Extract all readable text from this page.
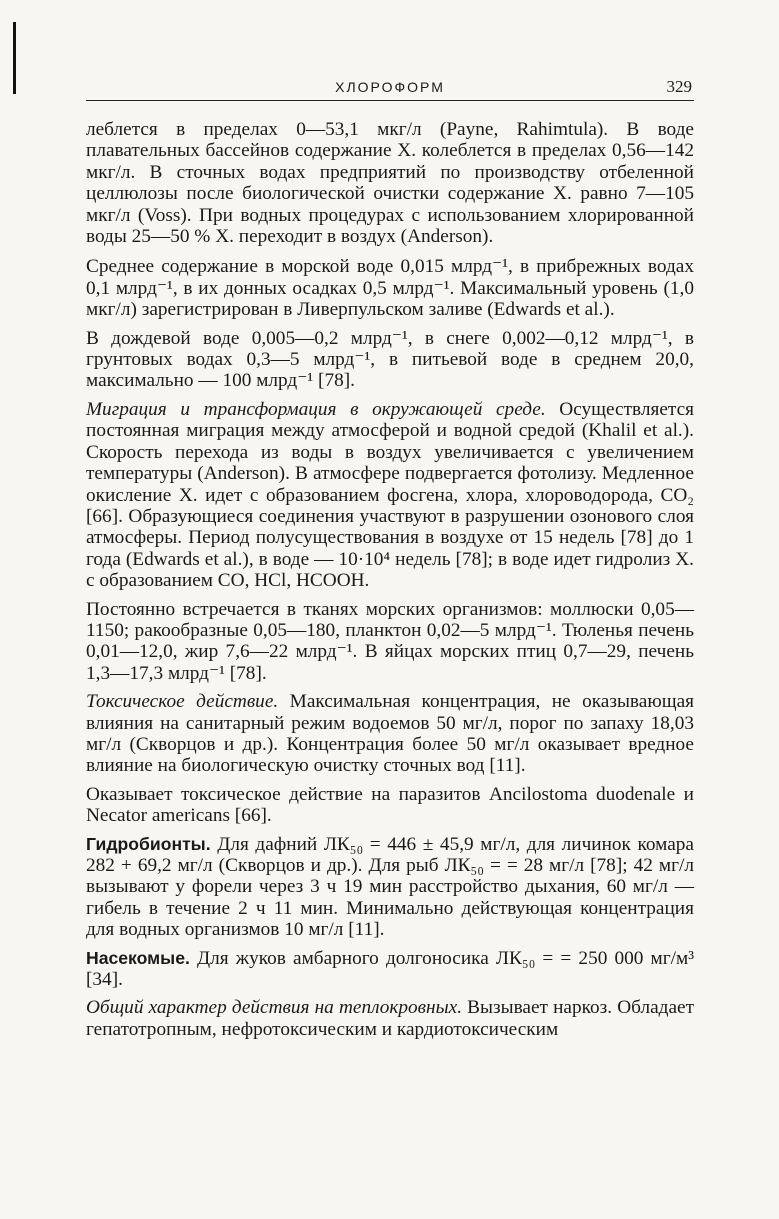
ХЛОРОФОРМ	329

леблется в пределах 0—53,1 мкг/л (Payne, Rahimtula). В воде плавательных бассейнов содержание X. колеблется в пределах 0,56—142 мкг/л. В сточных водах предприятий по производству отбеленной целлюлозы после биологической очистки содержание X. равно 7—105 мкг/л (Voss). При водных процедурах с использованием хлорированной воды 25—50 % X. переходит в воздух (Anderson).

Среднее содержание в морской воде 0,015 млрд⁻¹, в прибрежных водах 0,1 млрд⁻¹, в их донных осадках 0,5 млрд⁻¹. Максимальный уровень (1,0 мкг/л) зарегистрирован в Ливерпульском заливе (Edwards et al.).

В дождевой воде 0,005—0,2 млрд⁻¹, в снеге 0,002—0,12 млрд⁻¹, в грунтовых водах 0,3—5 млрд⁻¹, в питьевой воде в среднем 20,0, максимально — 100 млрд⁻¹ [78].

Миграция и трансформация в окружающей среде. Осуществляется постоянная миграция между атмосферой и водной средой (Khalil et al.). Скорость перехода из воды в воздух увеличивается с увеличением температуры (Anderson). В атмосфере подвергается фотолизу. Медленное окисление X. идет с образованием фосгена, хлора, хлороводорода, CO₂ [66]. Образующиеся соединения участвуют в разрушении озонового слоя атмосферы. Период полусуществования в воздухе от 15 недель [78] до 1 года (Edwards et al.), в воде — 10·10⁴ недель [78]; в воде идет гидролиз X. с образованием CO, HCl, HCOOH.

Постоянно встречается в тканях морских организмов: моллюски 0,05—1150; ракообразные 0,05—180, планктон 0,02—5 млрд⁻¹. Тюленья печень 0,01—12,0, жир 7,6—22 млрд⁻¹. В яйцах морских птиц 0,7—29, печень 1,3—17,3 млрд⁻¹ [78].

Токсическое действие. Максимальная концентрация, не оказывающая влияния на санитарный режим водоемов 50 мг/л, порог по запаху 18,03 мг/л (Скворцов и др.). Концентрация более 50 мг/л оказывает вредное влияние на биологическую очистку сточных вод [11].

Оказывает токсическое действие на паразитов Ancilostoma duodenale и Necator americans [66].

Гидробионты. Для дафний ЛК₅₀ = 446 ± 45,9 мг/л, для личинок комара 282 + 69,2 мг/л (Скворцов и др.). Для рыб ЛК₅₀ = = 28 мг/л [78]; 42 мг/л вызывают у форели через 3 ч 19 мин расстройство дыхания, 60 мг/л — гибель в течение 2 ч 11 мин. Минимально действующая концентрация для водных организмов 10 мг/л [11].

Насекомые. Для жуков амбарного долгоносика ЛК₅₀ = = 250 000 мг/м³ [34].

Общий характер действия на теплокровных. Вызывает наркоз. Обладает гепатотропным, нефротоксическим и кардиотоксическим
